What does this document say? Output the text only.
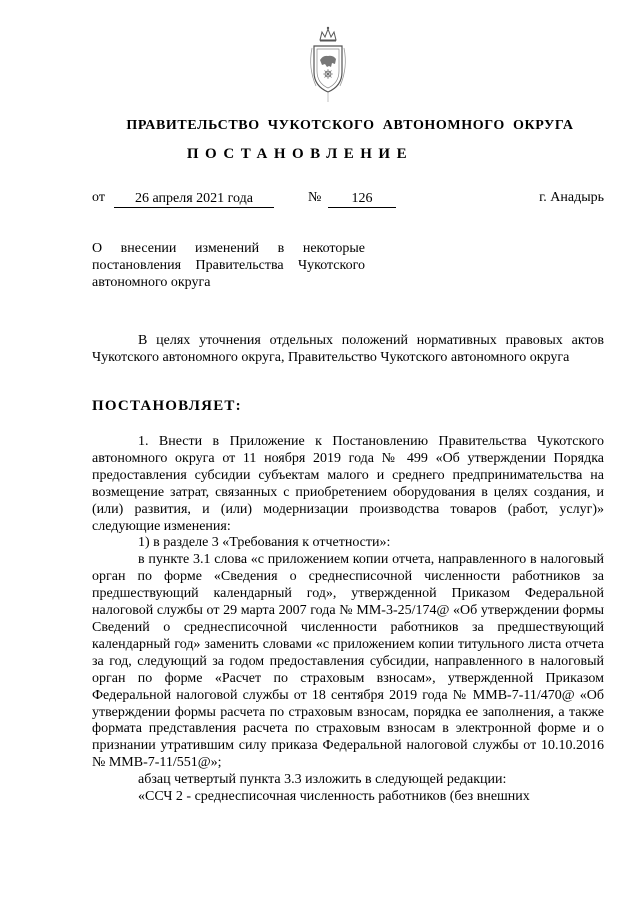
ПРАВИТЕЛЬСТВО ЧУКОТСКОГО АВТОНОМНОГО ОКРУГА
ПОСТАНОВЛЕНИЕ
от	26 апреля 2021 года	№	126	г. Анадырь

О внесении изменений в некоторые
постановления Правительства Чукотского
автономного округа

В целях уточнения отдельных положений нормативных правовых актов Чукотского автономного округа, Правительство Чукотского автономного округа

ПОСТАНОВЛЯЕТ:

1. Внести в Приложение к Постановлению Правительства Чукотского автономного округа от 11 ноября 2019 года № 499 «Об утверждении Порядка предоставления субсидии субъектам малого и среднего предпринимательства на возмещение затрат, связанных с приобретением оборудования в целях создания, и (или) развития, и (или) модернизации производства товаров (работ, услуг)» следующие изменения:

1) в разделе 3 «Требования к отчетности»:

в пункте 3.1 слова «с приложением копии отчета, направленного в налоговый орган по форме «Сведения о среднесписочной численности работников за предшествующий календарный год», утвержденной Приказом Федеральной налоговой службы от 29 марта 2007 года № ММ-3-25/174@ «Об утверждении формы Сведений о среднесписочной численности работников за предшествующий календарный год» заменить словами «с приложением копии титульного листа отчета за год, следующий за годом предоставления субсидии, направленного в налоговый орган по форме «Расчет по страховым взносам», утвержденной Приказом Федеральной налоговой службы от 18 сентября 2019 года № ММВ-7-11/470@ «Об утверждении формы расчета по страховым взносам, порядка ее заполнения, а также формата представления расчета по страховым взносам в электронной форме и о признании утратившим силу приказа Федеральной налоговой службы от 10.10.2016 № ММВ-7-11/551@»;

абзац четвертый пункта 3.3 изложить в следующей редакции:

«ССЧ 2 - среднесписочная численность работников (без внешних
